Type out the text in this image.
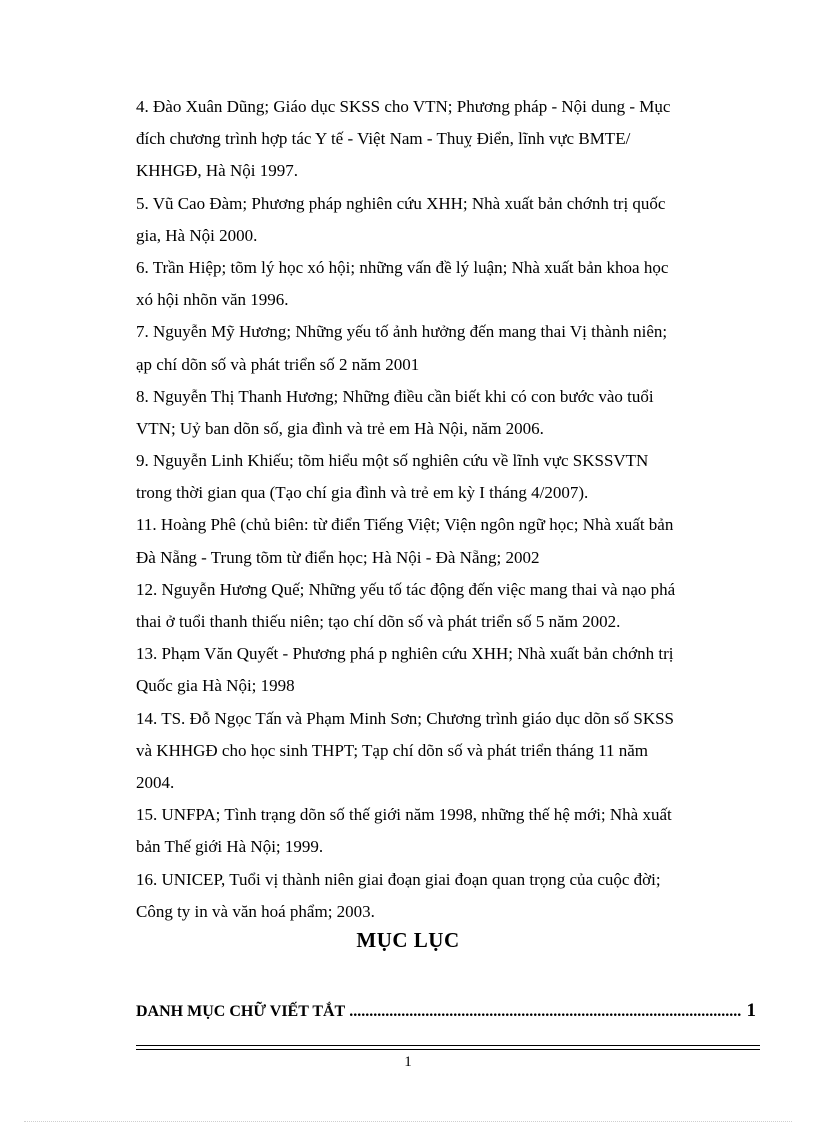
4. Đào Xuân Dũng; Giáo dục SKSS cho VTN; Phương pháp - Nội dung - Mục
đích chương trình hợp tác Y tế - Việt Nam - Thuỵ Điển, lĩnh vực BMTE/
KHHGĐ, Hà Nội 1997.
5. Vũ Cao Đàm; Phương pháp nghiên cứu XHH; Nhà xuất bản chớnh trị quốc
gia, Hà Nội 2000.
6. Trần Hiệp; tõm lý học xó hội; những vấn đề lý luận; Nhà xuất bản khoa học
xó hội nhõn văn 1996.
7. Nguyễn Mỹ Hương; Những yếu tố ảnh hưởng đến mang thai Vị thành niên;
ạp chí dõn số và phát triển số 2 năm 2001
8. Nguyễn Thị Thanh Hương; Những điều cần biết khi có con bước vào tuổi
VTN; Uỷ ban dõn số, gia đình và trẻ em Hà Nội, năm 2006.
9. Nguyễn Linh Khiếu; tõm hiểu một số nghiên cứu về lĩnh vực SKSSVTN
trong thời gian qua (Tạo chí gia đình và trẻ em kỳ I tháng 4/2007).
11. Hoàng Phê (chủ biên: từ điển Tiếng Việt; Viện ngôn ngữ học; Nhà xuất bản
Đà Nẵng - Trung tõm từ điển học; Hà Nội - Đà Nẵng; 2002
12. Nguyễn Hương Quế; Những yếu tố tác động đến việc mang thai và nạo phá
thai ở tuổi thanh thiếu niên; tạo chí dõn số và phát triển số 5 năm 2002.
13. Phạm Văn Quyết - Phương phá p nghiên cứu XHH; Nhà xuất bản chớnh trị
Quốc gia Hà Nội; 1998
14. TS. Đỗ Ngọc Tấn và Phạm Minh Sơn; Chương trình giáo dục dõn số SKSS
và KHHGĐ cho học sinh THPT; Tạp chí dõn số và phát triển tháng 11 năm
2004.
15. UNFPA; Tình trạng dõn số thế giới năm 1998, những thế hệ mới; Nhà xuất
bản Thế giới Hà Nội; 1999.
16. UNICEP, Tuổi vị thành niên giai đoạn giai đoạn quan trọng của cuộc đời;
Công ty in và văn hoá phẩm; 2003.
MỤC LỤC
DANH MỤC CHỮ VIẾT TẮT
.....	1
1
